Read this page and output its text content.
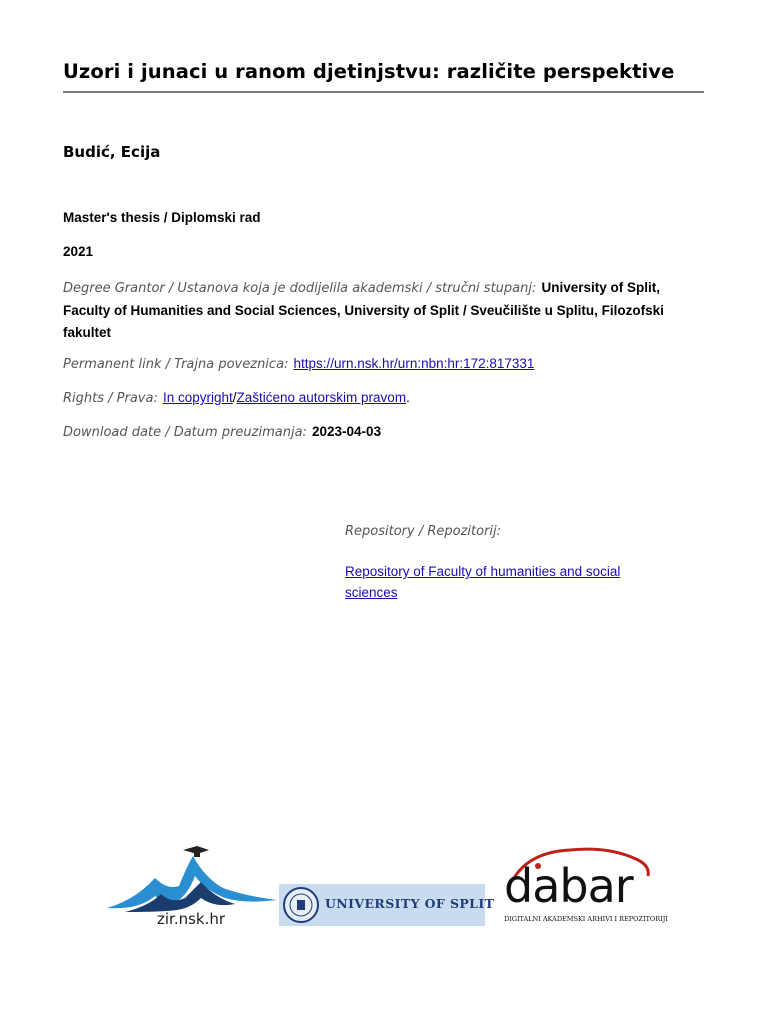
Uzori i junaci u ranom djetinjstvu: različite perspektive
Budić, Ecija
Master's thesis / Diplomski rad
2021
Degree Grantor / Ustanova koja je dodijelila akademski / stručni stupanj: University of Split, Faculty of Humanities and Social Sciences, University of Split / Sveučilište u Splitu, Filozofski fakultet
Permanent link / Trajna poveznica: https://urn.nsk.hr/urn:nbn:hr:172:817331
Rights / Prava: In copyright/Zaštićeno autorskim pravom.
Download date / Datum preuzimanja: 2023-04-03
Repository / Repozitorij:
Repository of Faculty of humanities and social sciences
zir.nsk.hr
UNIVERSITY OF SPLIT dabar
DIGITALNI AKADEMSKI ARHIVI I REPOZITORIJI
